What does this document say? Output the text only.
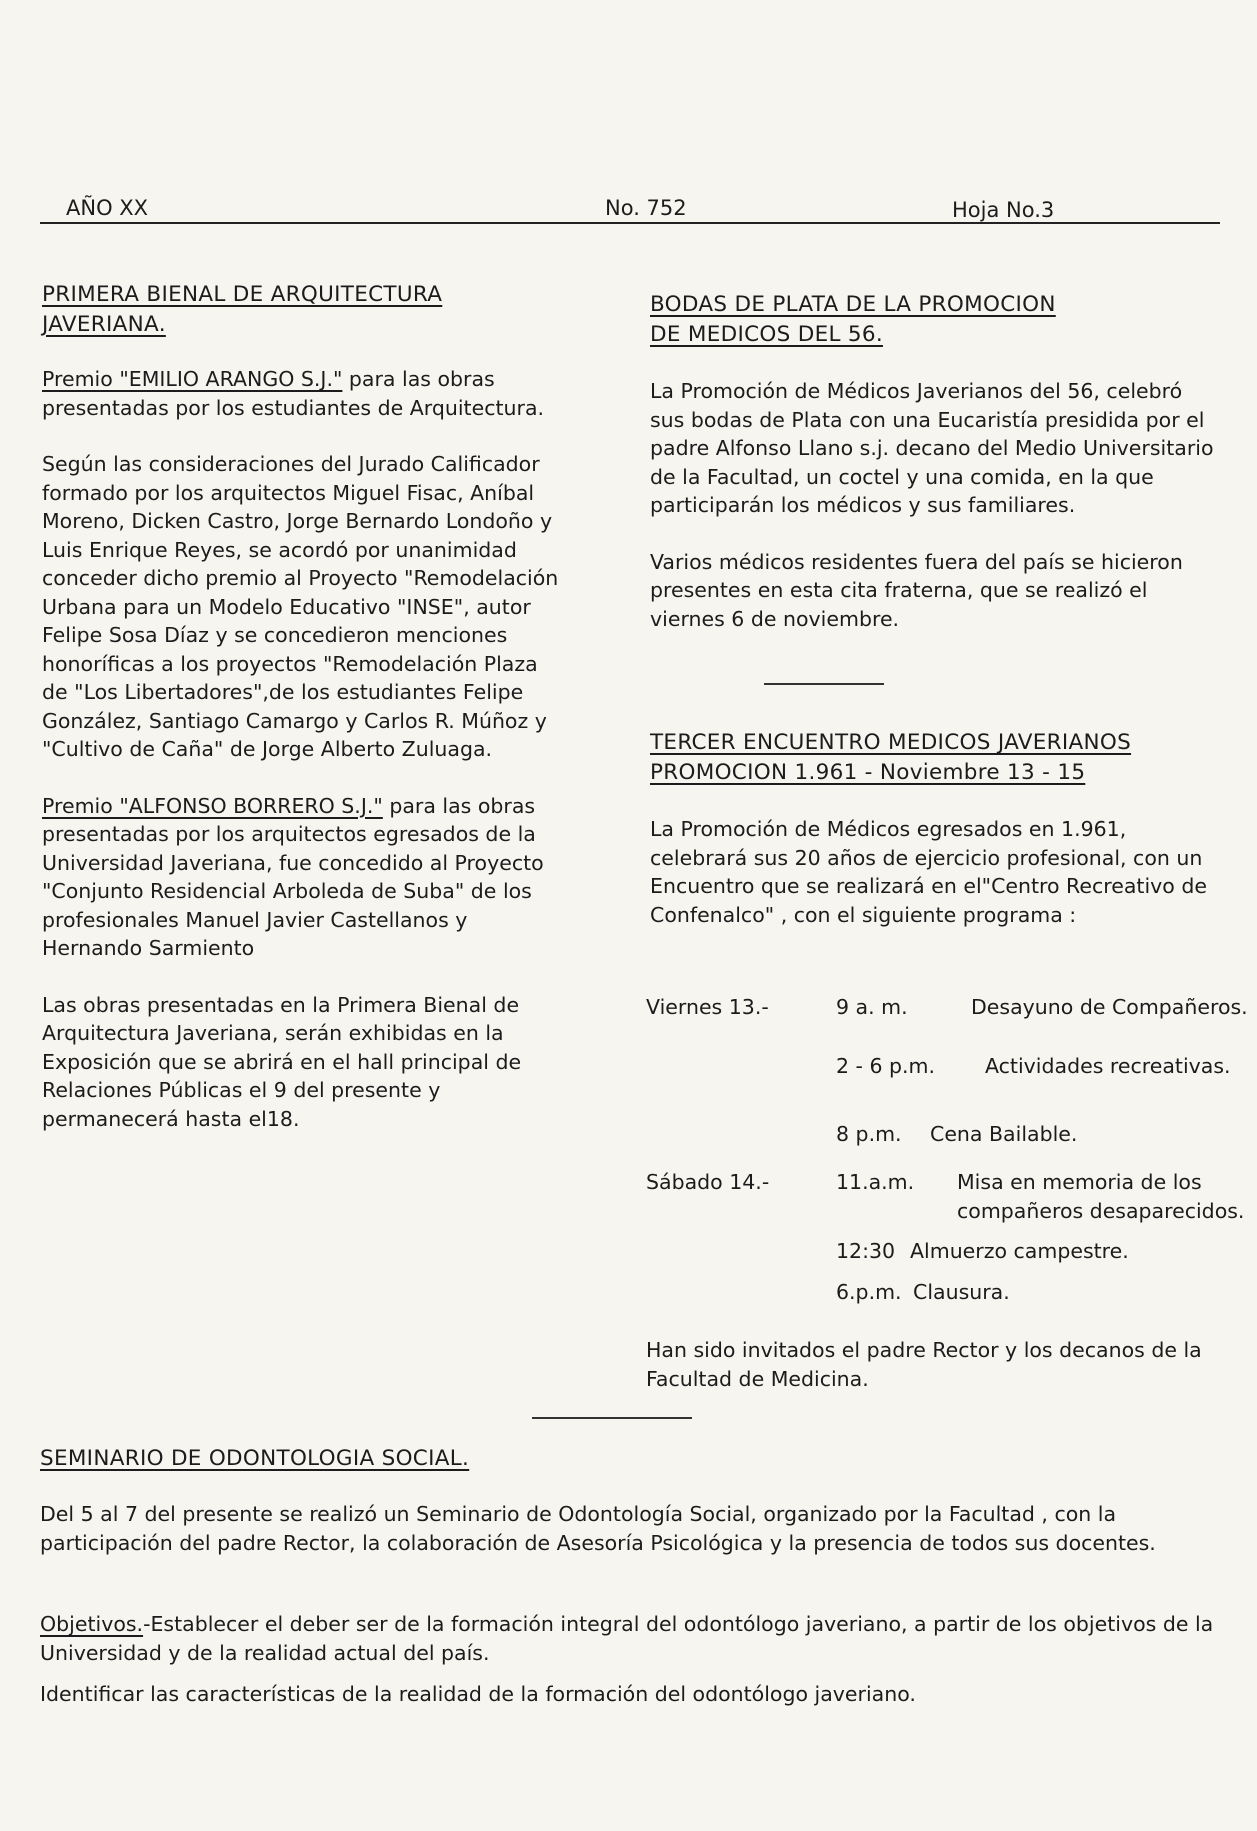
AÑO XX	No. 752	Hoja No.3

PRIMERA BIENAL DE ARQUITECTURA
JAVERIANA.

Premio "EMILIO ARANGO S.J." para las obras presentadas por los estudiantes de Arquitectura.

Según las consideraciones del Jurado Calificador formado por los arquitectos Miguel Fisac, Aníbal Moreno, Dicken Castro, Jorge Bernardo Londoño y Luis Enrique Reyes, se acordó por unanimidad conceder dicho premio al Proyecto "Remodelación Urbana para un Modelo Educativo "INSE", autor Felipe Sosa Díaz y se concedieron menciones honoríficas a los proyectos "Remodelación Plaza de "Los Libertadores",de los estudiantes Felipe González, Santiago Camargo y Carlos R. Múñoz y "Cultivo de Caña" de Jorge Alberto Zuluaga.

Premio "ALFONSO BORRERO S.J." para las obras presentadas por los arquitectos egresados de la Universidad Javeriana, fue concedido al Proyecto "Conjunto Residencial Arboleda de Suba" de los profesionales Manuel Javier Castellanos y Hernando Sarmiento

Las obras presentadas en la Primera Bienal de Arquitectura Javeriana, serán exhibidas en la Exposición que se abrirá en el hall principal de Relaciones Públicas el 9 del presente y permanecerá hasta el18.

BODAS DE PLATA DE LA PROMOCION
DE MEDICOS DEL 56.

La Promoción de Médicos Javerianos del 56, celebró sus bodas de Plata con una Eucaristía presidida por el padre Alfonso Llano s.j. decano del Medio Universitario de la Facultad, un coctel y una comida, en la que participarán los médicos y sus familiares.

Varios médicos residentes fuera del país se hicieron presentes en esta cita fraterna, que se realizó el viernes 6 de noviembre.

TERCER ENCUENTRO MEDICOS JAVERIANOS
PROMOCION 1.961 - Noviembre 13 - 15

La Promoción de Médicos egresados en 1.961, celebrará sus 20 años de ejercicio profesional, con un Encuentro que se realizará en el"Centro Recreativo de Confenalco" , con el siguiente programa :

Viernes 13.-	9 a. m.	Desayuno de Compañeros.
2 - 6 p.m. Actividades recreativas.
8 p.m. Cena Bailable.
Sábado 14.-	11.a.m. Misa en memoria de los compañeros desaparecidos.
12:30 Almuerzo campestre.
6.p.m. Clausura.
Han sido invitados el padre Rector y los decanos de la Facultad de Medicina.
SEMINARIO DE ODONTOLOGIA SOCIAL.

Del 5 al 7 del presente se realizó un Seminario de Odontología Social, organizado por la Facultad , con la participación del padre Rector, la colaboración de Asesoría Psicológica y la presencia de todos sus docentes.

Objetivos.-Establecer el deber ser de la formación integral del odontólogo javeriano, a partir de los objetivos de la Universidad y de la realidad actual del país.

Identificar las características de la realidad de la formación del odontólogo javeriano.
